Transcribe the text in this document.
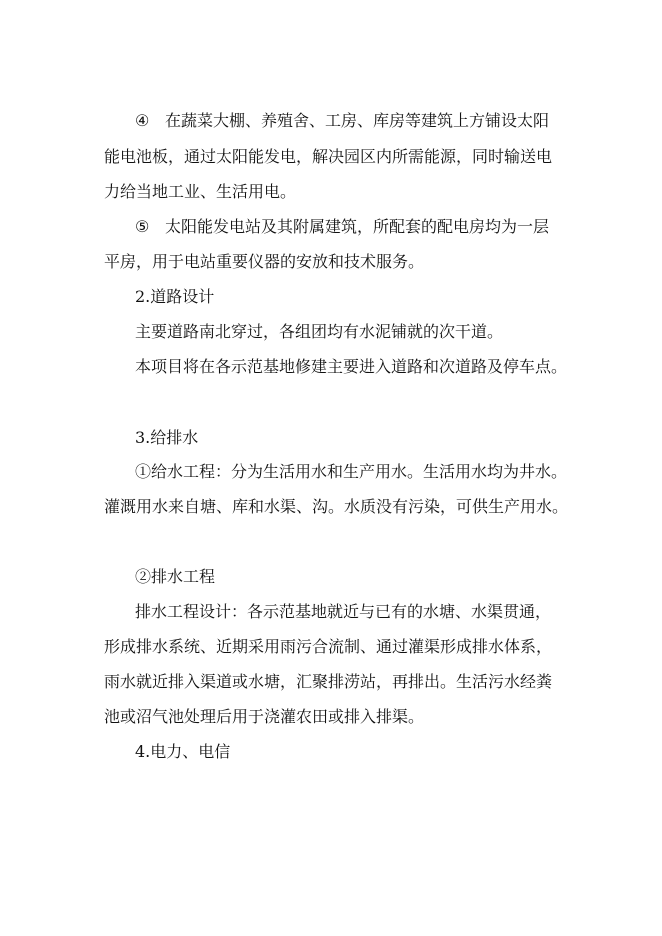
④ 在蔬菜大棚、养殖舍、工房、库房等建筑上方铺设太阳
能电池板，通过太阳能发电，解决园区内所需能源，同时输送电
力给当地工业、生活用电。
⑤ 太阳能发电站及其附属建筑，所配套的配电房均为一层
平房，用于电站重要仪器的安放和技术服务。
2.道路设计
主要道路南北穿过，各组团均有水泥铺就的次干道。
本项目将在各示范基地修建主要进入道路和次道路及停车点。
3.给排水
①给水工程：分为生活用水和生产用水。生活用水均为井水。
灌溉用水来自塘、库和水渠、沟。水质没有污染，可供生产用水。
②排水工程
排水工程设计：各示范基地就近与已有的水塘、水渠贯通，
形成排水系统、近期采用雨污合流制、通过灌渠形成排水体系，
雨水就近排入渠道或水塘，汇聚排涝站，再排出。生活污水经粪
池或沼气池处理后用于浇灌农田或排入排渠。
4.电力、电信
